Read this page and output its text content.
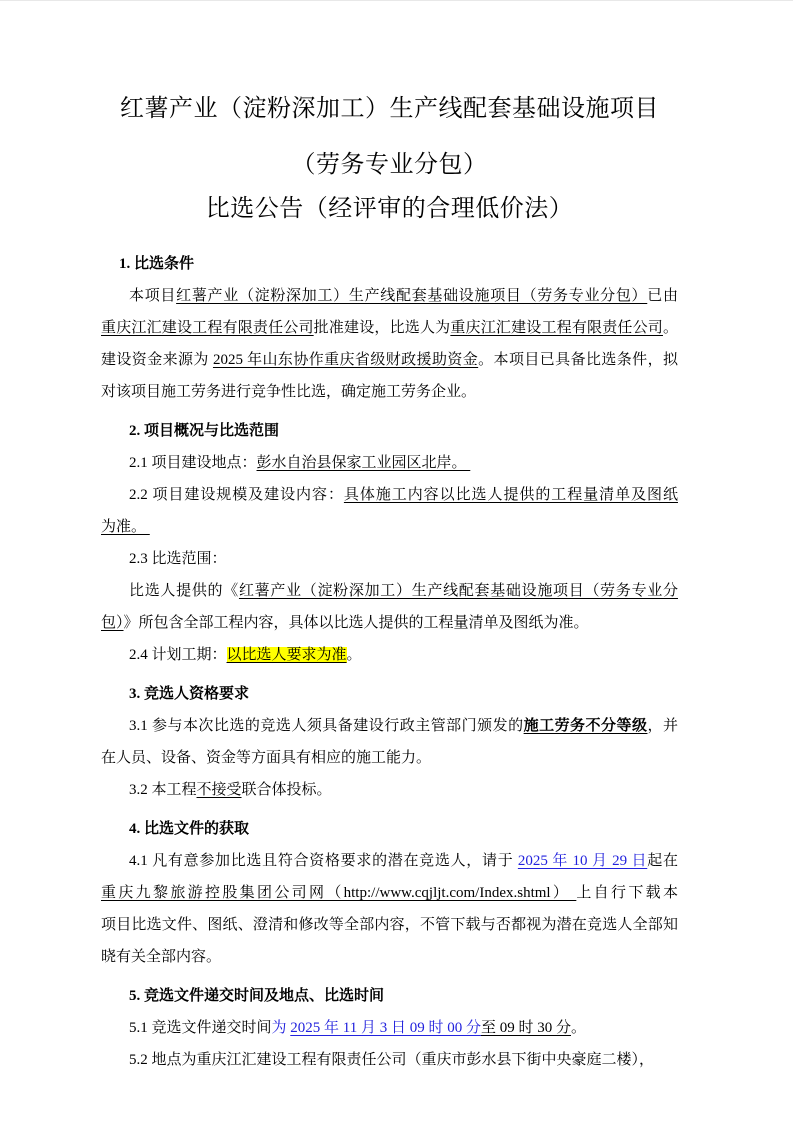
红薯产业（淀粉深加工）生产线配套基础设施项目
（劳务专业分包）
比选公告（经评审的合理低价法）
1. 比选条件
本项目红薯产业（淀粉深加工）生产线配套基础设施项目（劳务专业分包）已由
重庆江汇建设工程有限责任公司批准建设，比选人为重庆江汇建设工程有限责任公司。
建设资金来源为 2025 年山东协作重庆省级财政援助资金。本项目已具备比选条件，拟
对该项目施工劳务进行竞争性比选，确定施工劳务企业。
2. 项目概况与比选范围
2.1 项目建设地点：彭水自治县保家工业园区北岸。
2.2 项目建设规模及建设内容：具体施工内容以比选人提供的工程量清单及图纸
为准。
2.3 比选范围：
比选人提供的《红薯产业（淀粉深加工）生产线配套基础设施项目（劳务专业分
包）》所包含全部工程内容，具体以比选人提供的工程量清单及图纸为准。
2.4 计划工期：以比选人要求为准。
3. 竞选人资格要求
3.1 参与本次比选的竞选人须具备建设行政主管部门颁发的施工劳务不分等级，并
在人员、设备、资金等方面具有相应的施工能力。
3.2 本工程不接受联合体投标。
4. 比选文件的获取
4.1 凡有意参加比选且符合资格要求的潜在竞选人，请于 2025 年 10 月 29 日起在
重庆九黎旅游控股集团公司网（http://www.cqjljt.com/Index.shtml） 上自行下载本
项目比选文件、图纸、澄清和修改等全部内容，不管下载与否都视为潜在竞选人全部知
晓有关全部内容。
5. 竞选文件递交时间及地点、比选时间
5.1 竞选文件递交时间为 2025 年 11 月 3 日 09 时 00 分至 09 时 30 分。
5.2 地点为重庆江汇建设工程有限责任公司（重庆市彭水县下街中央豪庭二楼），
